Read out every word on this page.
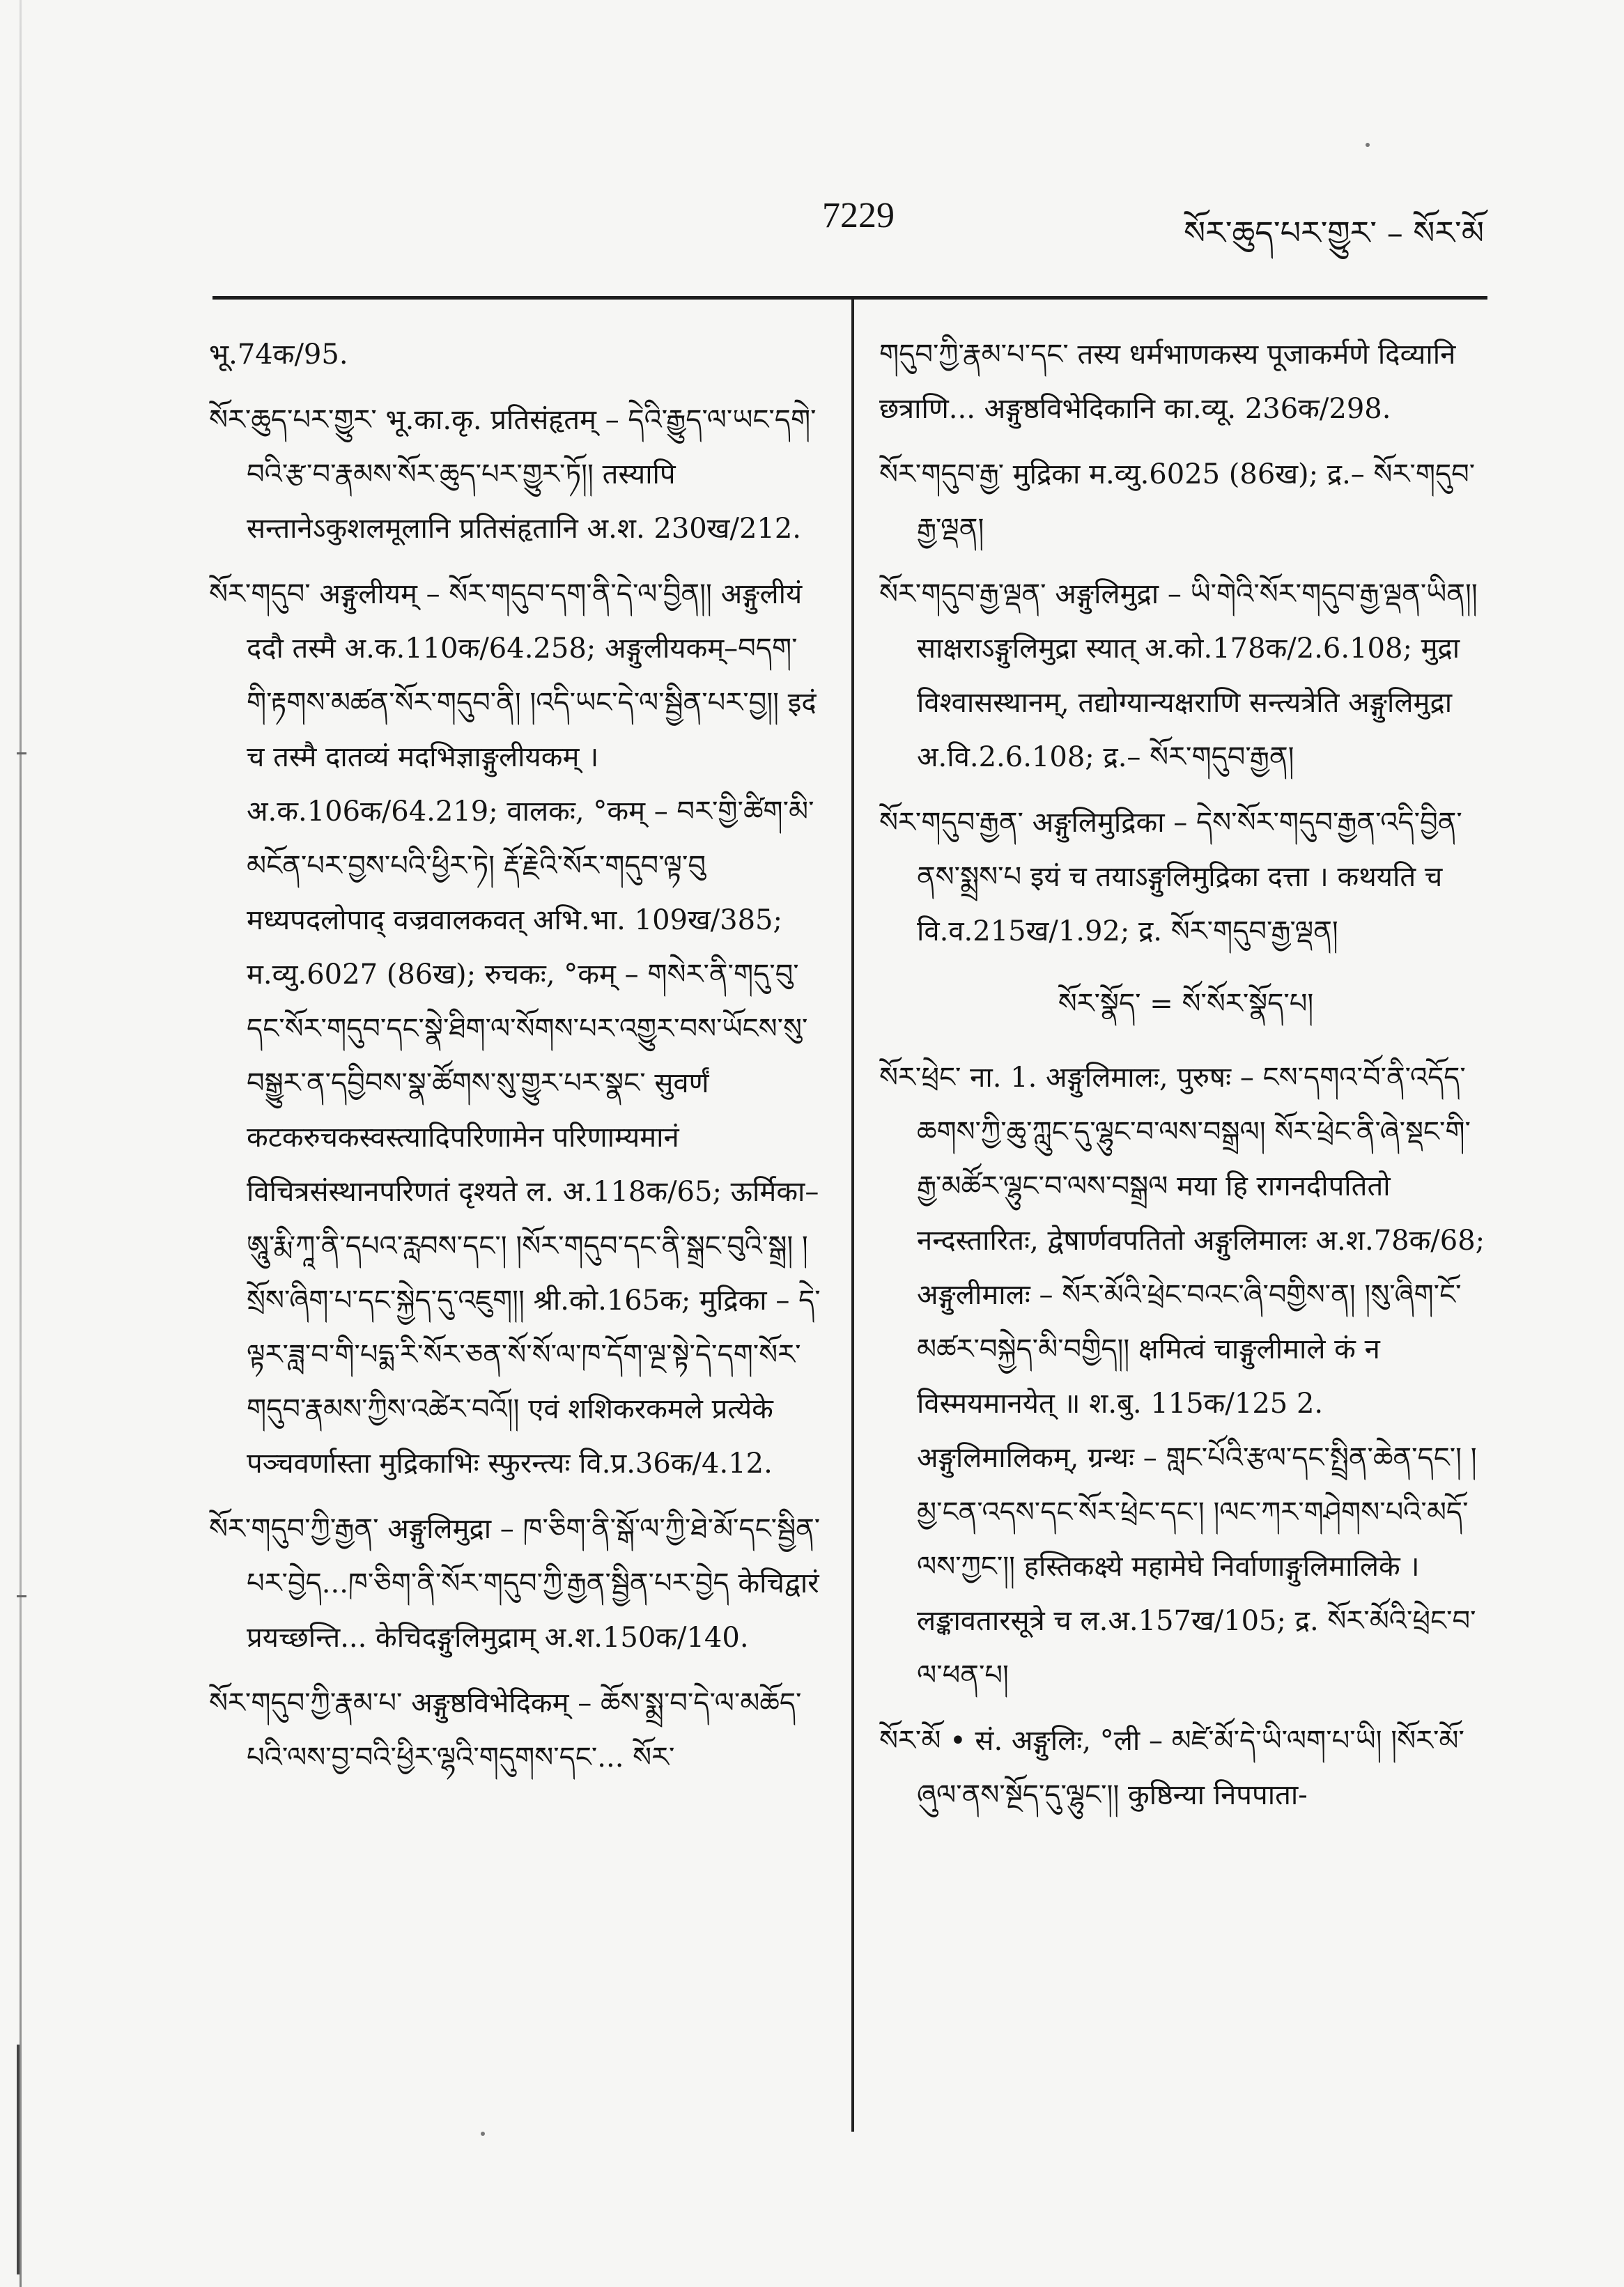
7229	སོར་ཆུད་པར་གྱུར་ – སོར་མོ

भू.74क/95.

སོར་ཆུད་པར་གྱུར་ भू.का.कृ. प्रतिसंहृतम् – དེའི་རྒྱུད་ལ་ཡང་དགེ་བའི་རྩ་བ་རྣམས་སོར་ཆུད་པར་གྱུར་ཏོ།། तस्यापि सन्तानेऽकुशलमूलानि प्रतिसंहृतानि अ.श. 230ख/212.

སོར་གདུབ་ अङ्गुलीयम् – སོར་གདུབ་དག་ནི་དེ་ལ་བྱིན།། अङ्गुलीयं ददौ तस्मै अ.क.110क/64.258; अङ्गुलीयकम्–བདག་གི་རྟགས་མཚན་སོར་གདུབ་ནི། །འདི་ཡང་དེ་ལ་སྦྱིན་པར་བྱ།། इदं च तस्मै दातव्यं मदभिज्ञाङ्गुलीयकम् । अ.क.106क/64.219; वालकः, °कम् – བར་གྱི་ཚིག་མི་མངོན་པར་བྱས་པའི་ཕྱིར་ཏེ། རྡོ་རྗེའི་སོར་གདུབ་ལྟ་བུ मध्यपदलोपाद् वज्रवालकवत् अभि.भा. 109ख/385; म.व्यु.6027 (86ख); रुचकः, °कम् – གསེར་ནི་གདུ་བུ་དང་སོར་གདུབ་དང་སྣེ་ཐིག་ལ་སོགས་པར་འགྱུར་བས་ཡོངས་སུ་བསྒྱུར་ན་དབྱིབས་སྣ་ཚོགས་སུ་གྱུར་པར་སྣང་ सुवर्णं कटकरुचकस्वस्त्यादिपरिणामेन परिणाम्यमानं विचित्रसंस्थानपरिणतं दृश्यते ल. अ.118क/65; ऊर्मिका– ཨཱུ་རྨི་ཀཱ་ནི་དཔའ་རླབས་དང་། །སོར་གདུབ་དང་ནི་སྒྲང་བུའི་སྒྲ། །སྲོས་ཞིག་པ་དང་སྐྱེད་དུ་འཇུག།། श्री.को.165क; मुद्रिका – དེ་ལྟར་ཟླ་བ་གི་པདྨ་རི་སོར་ཅན་སོ་སོ་ལ་ཁ་དོག་ལྔ་སྟེ་དེ་དག་སོར་གདུབ་རྣམས་ཀྱིས་འཚེར་བའོ།། एवं शशिकरकमले प्रत्येके पञ्चवर्णास्ता मुद्रिकाभिः स्फुरन्त्यः वि.प्र.36क/4.12.

སོར་གདུབ་ཀྱི་རྒྱན་ अङ्गुलिमुद्रा – ཁ་ཅིག་ནི་སྒོ་ལ་ཀྱི་ཐེ་མོ་དང་སྦྱིན་པར་བྱེད...ཁ་ཅིག་ནི་སོར་གདུབ་ཀྱི་རྒྱན་སྦྱིན་པར་བྱེད केचिद्वारं प्रयच्छन्ति... केचिदङ्गुलिमुद्राम् अ.श.150क/140.

སོར་གདུབ་ཀྱི་རྣམ་པ་ अङ्गुष्ठविभेदिकम् – ཆོས་སྨྲ་བ་དེ་ལ་མཆོད་པའི་ལས་བྱ་བའི་ཕྱིར་ལྷའི་གདུགས་དང་... སོར་

གདུབ་ཀྱི་རྣམ་པ་དང་ तस्य धर्मभाणकस्य पूजाकर्मणे दिव्यानि छत्राणि... अङ्गुष्ठविभेदिकानि का.व्यू. 236क/298.

སོར་གདུབ་རྒྱ་ मुद्रिका म.व्यु.6025 (86ख); द्र.– སོར་གདུབ་རྒྱ་ལྡན།

སོར་གདུབ་རྒྱ་ལྡན་ अङ्गुलिमुद्रा – ཡི་གེའི་སོར་གདུབ་རྒྱ་ལྡན་ཡིན།། साक्षराऽङ्गुलिमुद्रा स्यात् अ.को.178क/2.6.108; मुद्रा विश्वासस्थानम्, तद्योग्यान्यक्षराणि सन्त्यत्रेति अङ्गुलिमुद्रा अ.वि.2.6.108; द्र.– སོར་གདུབ་རྒྱན།

སོར་གདུབ་རྒྱན་ अङ्गुलिमुद्रिका – དེས་སོར་གདུབ་རྒྱན་འདི་བྱིན་ནས་སྨྲས་པ इयं च तयाऽङ्गुलिमुद्रिका दत्ता । कथयति च वि.व.215ख/1.92; द्र. སོར་གདུབ་རྒྱ་ལྡན།

སོར་སྣོད་ = སོ་སོར་སྣོད་པ།

སོར་ཕྲེང་ ना. 1. अङ्गुलिमालः, पुरुषः – ངས་དགའ་བོ་ནི་འདོད་ཆགས་ཀྱི་ཆུ་ཀླུང་དུ་ལྷུང་བ་ལས་བསྒྲལ། སོར་ཕྲེང་ནི་ཞེ་སྡང་གི་རྒྱ་མཚོར་ལྷུང་བ་ལས་བསྒྲལ मया हि रागनदीपतितो नन्दस्तारितः, द्वेषार्णवपतितो अङ्गुलिमालः अ.श.78क/68; अङ्गुलीमालः – སོར་མོའི་ཕྲེང་བའང་ཞི་བགྱིས་ན། །སུ་ཞིག་ངོ་མཚར་བསྐྱེད་མི་བགྱིད།། क्षमित्वं चाङ्गुलीमाले कं न विस्मयमानयेत् ॥ श.बु. 115क/125 2. अङ्गुलिमालिकम्, ग्रन्थः – གླང་པོའི་རྩལ་དང་སྤྲིན་ཆེན་དང་། །མྱ་ངན་འདས་དང་སོར་ཕྲེང་དང་། །ལང་ཀར་གཤེགས་པའི་མདོ་ལས་ཀྱང་།། हस्तिकक्ष्ये महामेघे निर्वाणाङ्गुलिमालिके । लङ्कावतारसूत्रे च ल.अ.157ख/105; द्र. སོར་མོའི་ཕྲེང་བ་ལ་ཕན་པ།

སོར་མོ • सं. अङ्गुलिः, °ली – མཛེ་མོ་དེ་ཡི་ལག་པ་ཡི། །སོར་མོ་ཞུལ་ནས་སྔོད་དུ་ལྷུང་།། कुष्ठिन्या निपपाता-
